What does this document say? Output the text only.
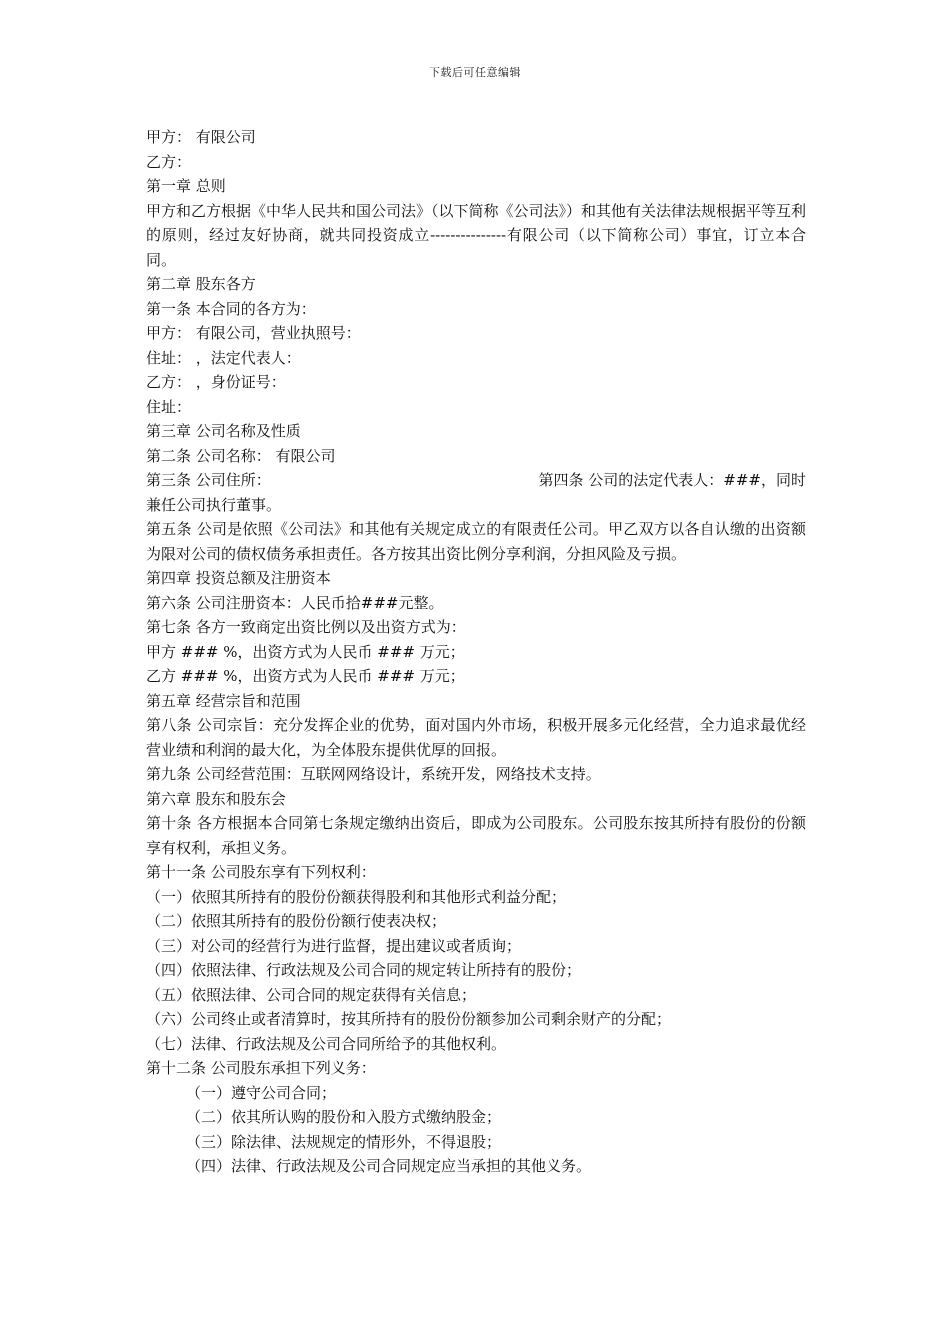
下载后可任意编辑

甲方： 有限公司

乙方：

第一章 总则

甲方和乙方根据《中华人民共和国公司法》（以下简称《公司法》）和其他有关法律法规根据平等互利的原则，经过友好协商，就共同投资成立---------------有限公司（以下简称公司）事宜，订立本合同。

第二章 股东各方

第一条 本合同的各方为：

甲方： 有限公司，营业执照号：

住址： ，法定代表人：

乙方： ，身份证号：

住址：

第三章 公司名称及性质

第二条 公司名称： 有限公司

第三条 公司住所：	第四条 公司的法定代表人：###，同时

兼任公司执行董事。

第五条 公司是依照《公司法》和其他有关规定成立的有限责任公司。甲乙双方以各自认缴的出资额为限对公司的债权债务承担责任。各方按其出资比例分享利润，分担风险及亏损。

第四章 投资总额及注册资本

第六条 公司注册资本：人民币拾###元整。

第七条 各方一致商定出资比例以及出资方式为：

甲方 ### %，出资方式为人民币 ### 万元；

乙方 ### %，出资方式为人民币 ### 万元；

第五章 经营宗旨和范围

第八条 公司宗旨：充分发挥企业的优势，面对国内外市场，积极开展多元化经营，全力追求最优经营业绩和利润的最大化，为全体股东提供优厚的回报。

第九条 公司经营范围：互联网网络设计，系统开发，网络技术支持。

第六章 股东和股东会

第十条 各方根据本合同第七条规定缴纳出资后，即成为公司股东。公司股东按其所持有股份的份额享有权利，承担义务。

第十一条 公司股东享有下列权利：

（一）依照其所持有的股份份额获得股利和其他形式利益分配；

（二）依照其所持有的股份份额行使表决权；

（三）对公司的经营行为进行监督，提出建议或者质询；

（四）依照法律、行政法规及公司合同的规定转让所持有的股份；

（五）依照法律、公司合同的规定获得有关信息；

（六）公司终止或者清算时，按其所持有的股份份额参加公司剩余财产的分配；

（七）法律、行政法规及公司合同所给予的其他权利。

第十二条 公司股东承担下列义务：

（一）遵守公司合同；

（二）依其所认购的股份和入股方式缴纳股金；

（三）除法律、法规规定的情形外，不得退股；

（四）法律、行政法规及公司合同规定应当承担的其他义务。
